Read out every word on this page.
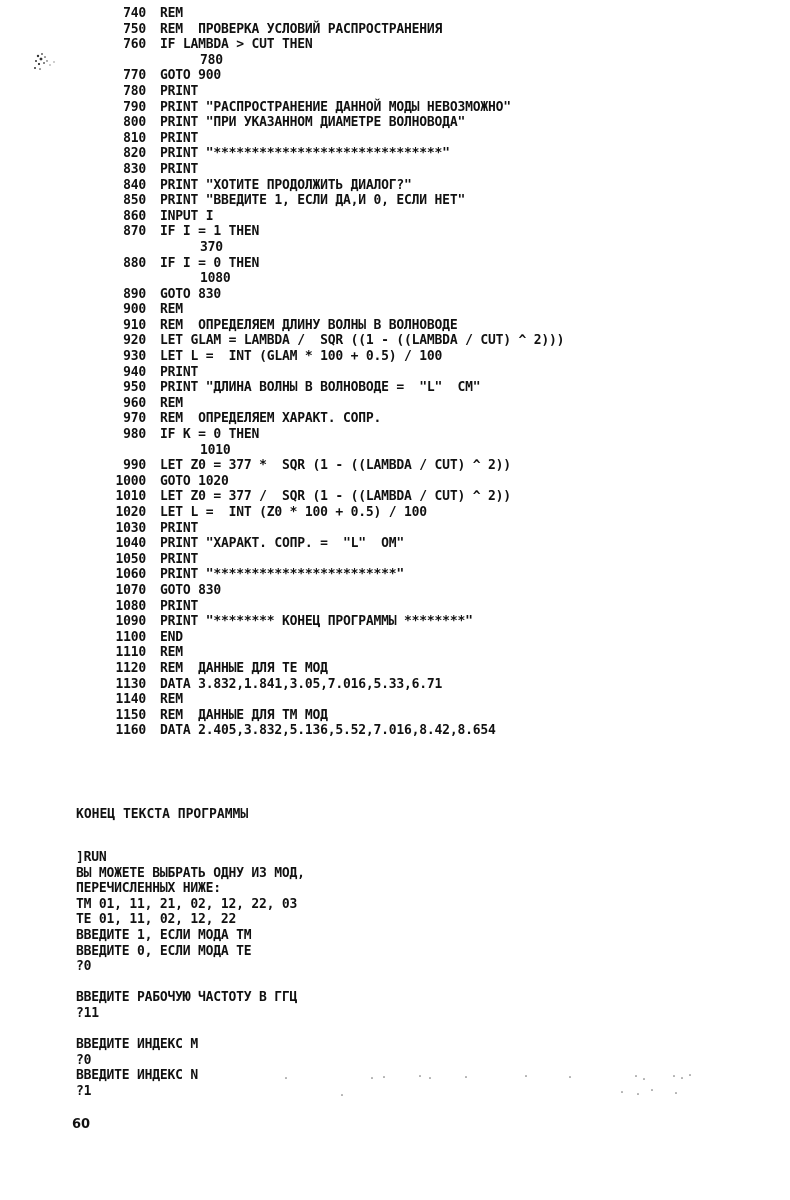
740 REM
750 REM  ПРОВЕРКА УСЛОВИЙ РАСПРОСТРАНЕНИЯ
760 IF LAMBDA > CUT THEN
780
770 GOTO 900
780 PRINT
790 PRINT "РАСПРОСТРАНЕНИЕ ДАННОЙ МОДЫ НЕВОЗМОЖНО"
800 PRINT "ПРИ УКАЗАННОМ ДИАМЕТРЕ ВОЛНОВОДА"
810 PRINT
820 PRINT "******************************"
830 PRINT
840 PRINT "ХОТИТЕ ПРОДОЛЖИТЬ ДИАЛОГ?"
850 PRINT "ВВЕДИТЕ 1, ЕСЛИ ДА,И 0, ЕСЛИ НЕТ"
860 INPUT I
870 IF I = 1 THEN
370
880 IF I = 0 THEN
1080
890 GOTO 830
900 REM
910 REM  ОПРЕДЕЛЯЕМ ДЛИНУ ВОЛНЫ В ВОЛНОВОДЕ
920 LET GLAM = LAMBDA /  SQR ((1 - ((LAMBDA / CUT) ^ 2)))
930 LET L =  INT (GLAM * 100 + 0.5) / 100
940 PRINT
950 PRINT "ДЛИНА ВОЛНЫ В ВОЛНОВОДЕ =  "L"  СМ"
960 REM
970 REM  ОПРЕДЕЛЯЕМ ХАРАКТ. СОПР.
980 IF K = 0 THEN
1010
990 LET Z0 = 377 *  SQR (1 - ((LAMBDA / CUT) ^ 2))
1000 GOTO 1020
1010 LET Z0 = 377 /  SQR (1 - ((LAMBDA / CUT) ^ 2))
1020 LET L =  INT (Z0 * 100 + 0.5) / 100
1030 PRINT
1040 PRINT "ХАРАКТ. СОПР. =  "L"  ОМ"
1050 PRINT
1060 PRINT "************************"
1070 GOTO 830
1080 PRINT
1090 PRINT "******** КОНЕЦ ПРОГРАММЫ ********"
1100 END
1110 REM
1120 REM  ДАННЫЕ ДЛЯ ТЕ МОД
1130 DATA 3.832,1.841,3.05,7.016,5.33,6.71
1140 REM
1150 REM  ДАННЫЕ ДЛЯ ТМ МОД
1160 DATA 2.405,3.832,5.136,5.52,7.016,8.42,8.654
КОНЕЦ ТЕКСТА ПРОГРАММЫ
]RUN
ВЫ МОЖЕТЕ ВЫБРАТЬ ОДНУ ИЗ МОД,
ПЕРЕЧИСЛЕННЫХ НИЖЕ:
ТМ 01, 11, 21, 02, 12, 22, 03
ТЕ 01, 11, 02, 12, 22
ВВЕДИТЕ 1, ЕСЛИ МОДА ТМ
ВВЕДИТЕ 0, ЕСЛИ МОДА ТЕ
?0
ВВЕДИТЕ РАБОЧУЮ ЧАСТОТУ В ГГЦ
?11
ВВЕДИТЕ ИНДЕКС М
?0
ВВЕДИТЕ ИНДЕКС N
?1
60
